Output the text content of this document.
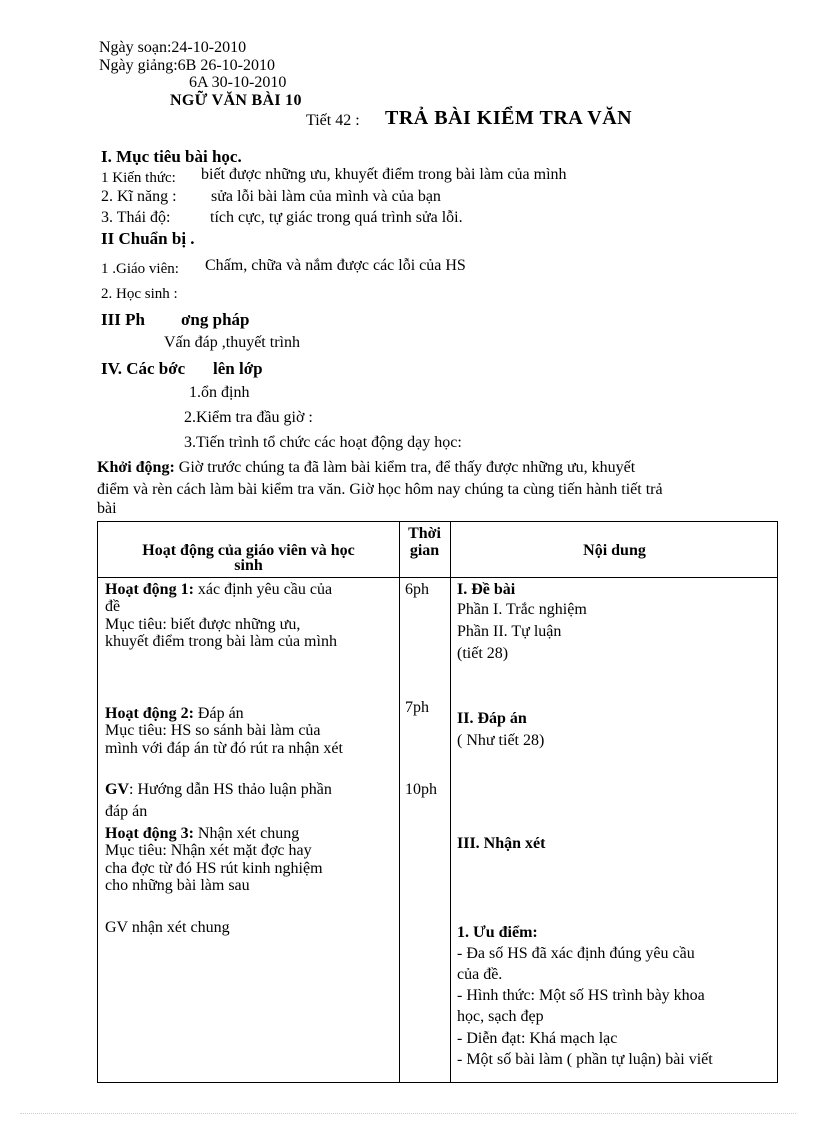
Ngày soạn:24-10-2010
Ngày giảng:6B 26-10-2010
6A 30-10-2010
NGỮ VĂN BÀI 10
Tiết 42 : TRẢ BÀI KIỂM TRA VĂN
I. Mục tiêu bài học.
1 Kiến thức: biết được những ưu, khuyết điểm trong bài làm của mình
2. Kĩ năng : sửa lỗi bài làm của mình và của bạn
3. Thái độ: tích cực, tự giác trong quá trình sửa lỗi.
II Chuẩn bị .
1 .Giáo viên: Chấm, chữa và nắm được các lỗi của HS
2. Học sinh :
III Ph ơng pháp
Vấn đáp ,thuyết trình
IV. Các bớc lên lớp
1.ổn định
2.Kiểm tra đầu giờ :
3.Tiến trình tổ chức các hoạt động dạy học:
Khởi động: Giờ trước chúng ta đã làm bài kiểm tra, để thấy được những ưu, khuyết
điểm và rèn cách làm bài kiểm tra văn. Giờ học hôm nay chúng ta cùng tiến hành tiết trả
bài
Hoạt động của giáo viên và học
sinh
Thời
gian	Nội dung
Hoạt động 1: xác định yêu cầu của
đề
Mục tiêu: biết được những ưu,
khuyết điểm trong bài làm của mình
Hoạt động 2: Đáp án
Mục tiêu: HS so sánh bài làm của
mình với đáp án từ đó rút ra nhận xét
GV: Hướng dẫn HS thảo luận phần
đáp án
Hoạt động 3: Nhận xét chung
Mục tiêu: Nhận xét mặt đợc hay
cha đợc từ đó HS rút kinh nghiệm
cho những bài làm sau
GV nhận xét chung
6ph
7ph
10ph
I. Đề bài
Phần I. Trắc nghiệm
Phần II. Tự luận
(tiết 28)
II. Đáp án
( Như tiết 28)
III. Nhận xét
1. Ưu điểm:
- Đa số HS đã xác định đúng yêu cầu
của đề.
- Hình thức: Một số HS trình bày khoa
học, sạch đẹp
- Diễn đạt: Khá mạch lạc
- Một số bài làm ( phần tự luận) bài viết
